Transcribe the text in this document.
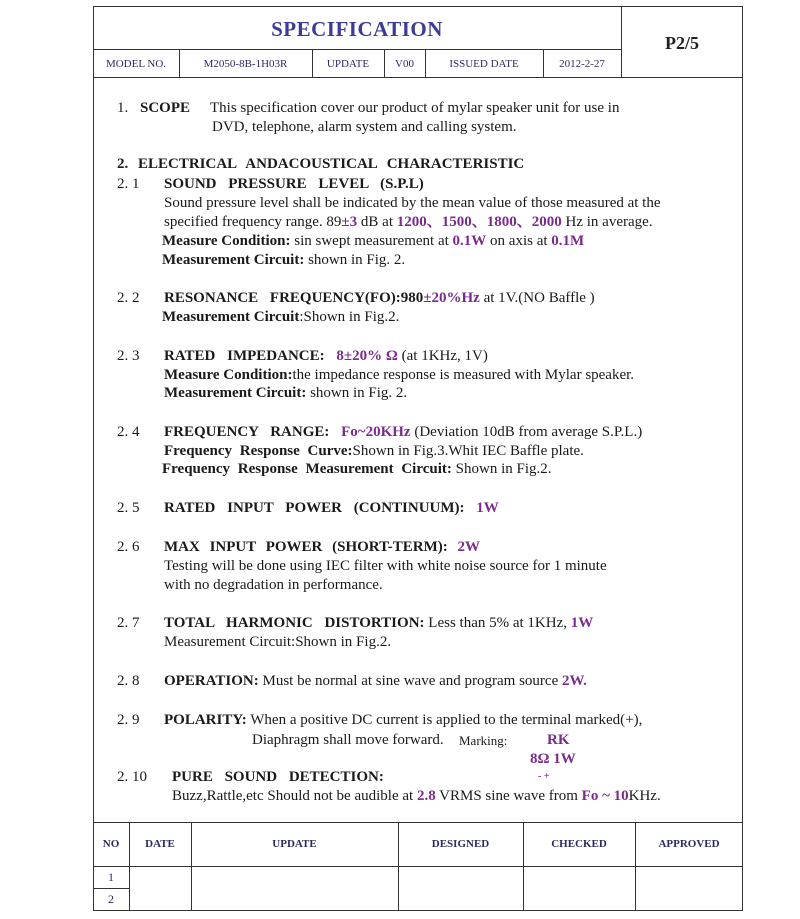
SPECIFICATION
P2/5
MODEL NO.	M2050-8B-1H03R	UPDATE	V00	ISSUED DATE	2012-2-27
1. SCOPE This specification cover our product of mylar speaker unit for use in
DVD, telephone, alarm system and calling system.
2. ELECTRICAL ANDACOUSTICAL CHARACTERISTIC
2. 1 SOUND PRESSURE LEVEL (S.P.L)
Sound pressure level shall be indicated by the mean value of those measured at the
specified frequency range. 89±3 dB at 1200、1500、1800、2000 Hz in average.
Measure Condition: sin swept measurement at 0.1W on axis at 0.1M
Measurement Circuit: shown in Fig. 2.
2. 2 RESONANCE FREQUENCY(FO):980±20%Hz at 1V.(NO Baffle )
Measurement Circuit:Shown in Fig.2.
2. 3 RATED IMPEDANCE: 8±20% Ω (at 1KHz, 1V)
Measure Condition:the impedance response is measured with Mylar speaker.
Measurement Circuit: shown in Fig. 2.
2. 4 FREQUENCY RANGE: Fo~20KHz (Deviation 10dB from average S.P.L.)
Frequency Response Curve:Shown in Fig.3.Whit IEC Baffle plate.
Frequency Response Measurement Circuit: Shown in Fig.2.
2. 5 RATED INPUT POWER (CONTINUUM): 1W
2. 6 MAX INPUT POWER (SHORT-TERM): 2W
Testing will be done using IEC filter with white noise source for 1 minute
with no degradation in performance.
2. 7 TOTAL HARMONIC DISTORTION: Less than 5% at 1KHz, 1W
Measurement Circuit:Shown in Fig.2.
2. 8 OPERATION: Must be normal at sine wave and program source 2W.
2. 9 POLARITY: When a positive DC current is applied to the terminal marked(+),
Diaphragm shall move forward. Marking:	RK
8Ω 1W
- +
2. 10 PURE SOUND DETECTION:
Buzz,Rattle,etc Should not be audible at 2.8 VRMS sine wave from Fo ~ 10KHz.
NO	DATE	UPDATE	DESIGNED	CHECKED	APPROVED
1
2
